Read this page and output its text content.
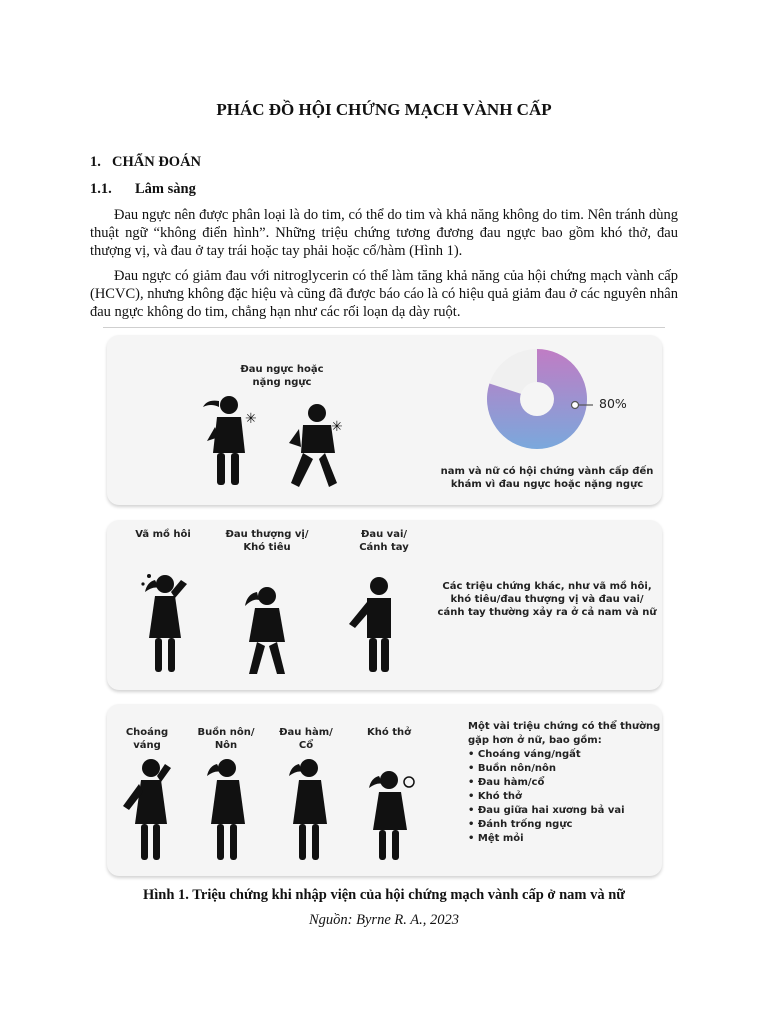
PHÁC ĐỒ HỘI CHỨNG MẠCH VÀNH CẤP
1. CHẨN ĐOÁN
1.1. Lâm sàng

Đau ngực nên được phân loại là do tim, có thể do tim và khả năng không do tim. Nên tránh dùng thuật ngữ “không điển hình”. Những triệu chứng tương đương đau ngực bao gồm khó thở, đau thượng vị, và đau ở tay trái hoặc tay phải hoặc cổ/hàm (Hình 1).

Đau ngực có giảm đau với nitroglycerin có thể làm tăng khả năng của hội chứng mạch vành cấp (HCVC), nhưng không đặc hiệu và cũng đã được báo cáo là có hiệu quả giảm đau ở các nguyên nhân đau ngực không do tim, chẳng hạn như các rối loạn dạ dày ruột.

Đau ngực hoặc nặng ngực
✳	✳
80%
nam và nữ có hội chứng vành cấp đến khám vì đau ngực hoặc nặng ngực
Vã mồ hôi	Đau thượng vị/ Khó tiêu
Đau vai/ Cánh tay
Các triệu chứng khác, như vã mồ hôi, khó tiêu/đau thượng vị và đau vai/ cánh tay thường xảy ra ở cả nam và nữ
Choáng váng
Buồn nôn/ Nôn
Đau hàm/ Cổ
Khó thở
Một vài triệu chứng có thể thường gặp hơn ở nữ, bao gồm:
• Choáng váng/ngất
• Buồn nôn/nôn
• Đau hàm/cổ
• Khó thở
• Đau giữa hai xương bả vai
• Đánh trống ngực
• Mệt mỏi
Hình 1. Triệu chứng khi nhập viện của hội chứng mạch vành cấp ở nam và nữ
Nguồn: Byrne R. A., 2023
